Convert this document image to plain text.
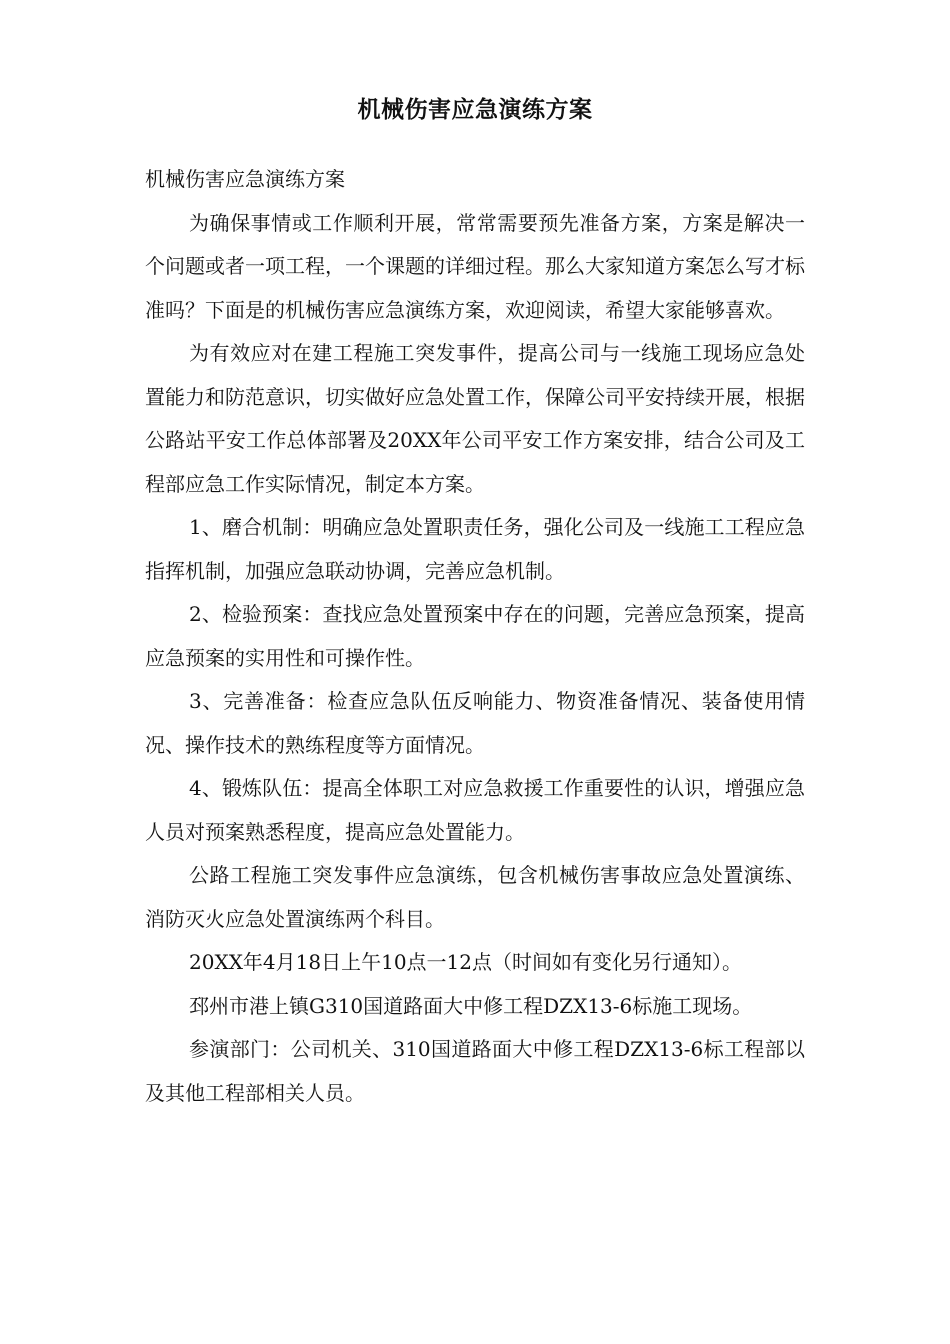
机械伤害应急演练方案

机械伤害应急演练方案

为确保事情或工作顺利开展，常常需要预先准备方案，方案是解决一个问题或者一项工程，一个课题的详细过程。那么大家知道方案怎么写才标准吗？下面是的机械伤害应急演练方案，欢迎阅读，希望大家能够喜欢。

为有效应对在建工程施工突发事件，提高公司与一线施工现场应急处置能力和防范意识，切实做好应急处置工作，保障公司平安持续开展，根据公路站平安工作总体部署及20XX年公司平安工作方案安排，结合公司及工程部应急工作实际情况，制定本方案。

1、磨合机制：明确应急处置职责任务，强化公司及一线施工工程应急指挥机制，加强应急联动协调，完善应急机制。

2、检验预案：查找应急处置预案中存在的问题，完善应急预案，提高应急预案的实用性和可操作性。

3、完善准备：检查应急队伍反响能力、物资准备情况、装备使用情况、操作技术的熟练程度等方面情况。

4、锻炼队伍：提高全体职工对应急救援工作重要性的认识，增强应急人员对预案熟悉程度，提高应急处置能力。

公路工程施工突发事件应急演练，包含机械伤害事故应急处置演练、消防灭火应急处置演练两个科目。

20XX年4月18日上午10点一12点（时间如有变化另行通知）。

邳州市港上镇G310国道路面大中修工程DZX13-6标施工现场。

参演部门：公司机关、310国道路面大中修工程DZX13-6标工程部以及其他工程部相关人员。
